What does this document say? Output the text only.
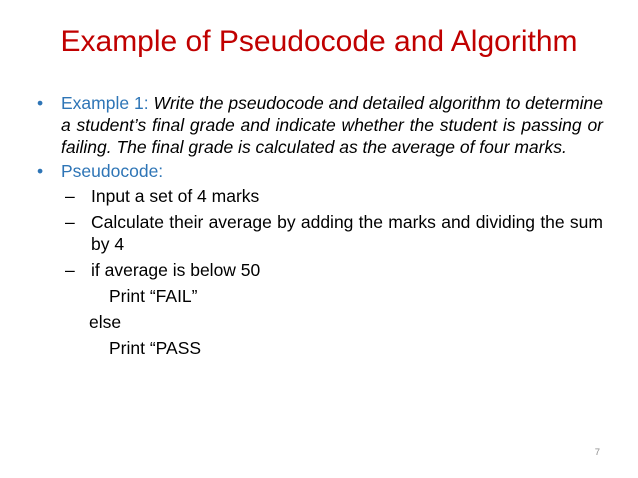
Example of Pseudocode and Algorithm
•	Example 1: Write the pseudocode and detailed algorithm to determine a student’s final grade and indicate whether the student is passing or failing. The final grade is calculated as the average of four marks.
•	Pseudocode:
– Input a set of 4 marks
– Calculate their average by adding the marks and dividing the sum by 4
– if average is below 50
Print “FAIL”
else
Print “PASS
7
